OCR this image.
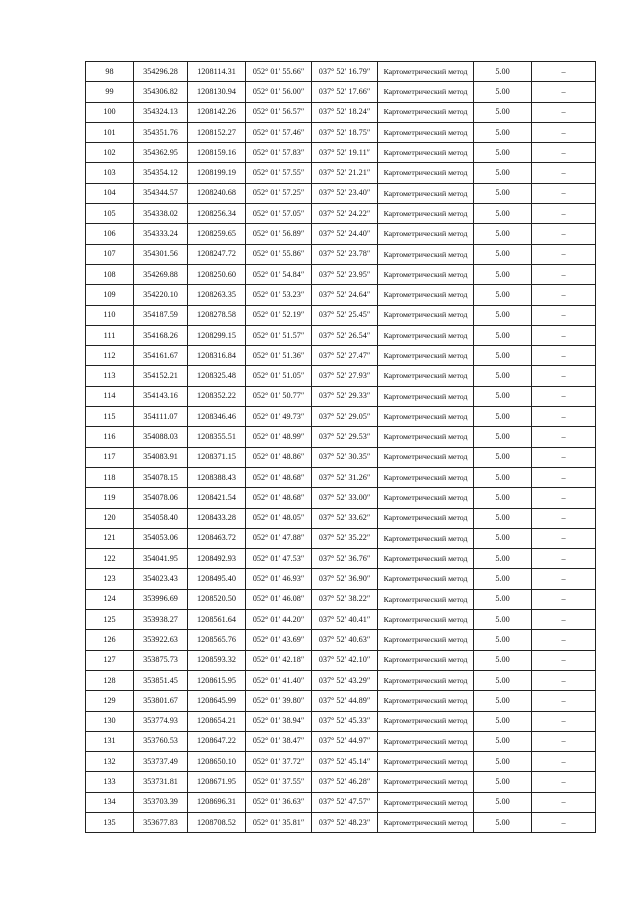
98	354296.28	1208114.31	052° 01′ 55.66″	037° 52′ 16.79″	Картометрический метод	5.00	–
99	354306.82	1208130.94	052° 01′ 56.00″	037° 52′ 17.66″	Картометрический метод	5.00	–
100	354324.13	1208142.26	052° 01′ 56.57″	037° 52′ 18.24″	Картометрический метод	5.00	–
101	354351.76	1208152.27	052° 01′ 57.46″	037° 52′ 18.75″	Картометрический метод	5.00	–
102	354362.95	1208159.16	052° 01′ 57.83″	037° 52′ 19.11″	Картометрический метод	5.00	–
103	354354.12	1208199.19	052° 01′ 57.55″	037° 52′ 21.21″	Картометрический метод	5.00	–
104	354344.57	1208240.68	052° 01′ 57.25″	037° 52′ 23.40″	Картометрический метод	5.00	–
105	354338.02	1208256.34	052° 01′ 57.05″	037° 52′ 24.22″	Картометрический метод	5.00	–
106	354333.24	1208259.65	052° 01′ 56.89″	037° 52′ 24.40″	Картометрический метод	5.00	–
107	354301.56	1208247.72	052° 01′ 55.86″	037° 52′ 23.78″	Картометрический метод	5.00	–
108	354269.88	1208250.60	052° 01′ 54.84″	037° 52′ 23.95″	Картометрический метод	5.00	–
109	354220.10	1208263.35	052° 01′ 53.23″	037° 52′ 24.64″	Картометрический метод	5.00	–
110	354187.59	1208278.58	052° 01′ 52.19″	037° 52′ 25.45″	Картометрический метод	5.00	–
111	354168.26	1208299.15	052° 01′ 51.57″	037° 52′ 26.54″	Картометрический метод	5.00	–
112	354161.67	1208316.84	052° 01′ 51.36″	037° 52′ 27.47″	Картометрический метод	5.00	–
113	354152.21	1208325.48	052° 01′ 51.05″	037° 52′ 27.93″	Картометрический метод	5.00	–
114	354143.16	1208352.22	052° 01′ 50.77″	037° 52′ 29.33″	Картометрический метод	5.00	–
115	354111.07	1208346.46	052° 01′ 49.73″	037° 52′ 29.05″	Картометрический метод	5.00	–
116	354088.03	1208355.51	052° 01′ 48.99″	037° 52′ 29.53″	Картометрический метод	5.00	–
117	354083.91	1208371.15	052° 01′ 48.86″	037° 52′ 30.35″	Картометрический метод	5.00	–
118	354078.15	1208388.43	052° 01′ 48.68″	037° 52′ 31.26″	Картометрический метод	5.00	–
119	354078.06	1208421.54	052° 01′ 48.68″	037° 52′ 33.00″	Картометрический метод	5.00	–
120	354058.40	1208433.28	052° 01′ 48.05″	037° 52′ 33.62″	Картометрический метод	5.00	–
121	354053.06	1208463.72	052° 01′ 47.88″	037° 52′ 35.22″	Картометрический метод	5.00	–
122	354041.95	1208492.93	052° 01′ 47.53″	037° 52′ 36.76″	Картометрический метод	5.00	–
123	354023.43	1208495.40	052° 01′ 46.93″	037° 52′ 36.90″	Картометрический метод	5.00	–
124	353996.69	1208520.50	052° 01′ 46.08″	037° 52′ 38.22″	Картометрический метод	5.00	–
125	353938.27	1208561.64	052° 01′ 44.20″	037° 52′ 40.41″	Картометрический метод	5.00	–
126	353922.63	1208565.76	052° 01′ 43.69″	037° 52′ 40.63″	Картометрический метод	5.00	–
127	353875.73	1208593.32	052° 01′ 42.18″	037° 52′ 42.10″	Картометрический метод	5.00	–
128	353851.45	1208615.95	052° 01′ 41.40″	037° 52′ 43.29″	Картометрический метод	5.00	–
129	353801.67	1208645.99	052° 01′ 39.80″	037° 52′ 44.89″	Картометрический метод	5.00	–
130	353774.93	1208654.21	052° 01′ 38.94″	037° 52′ 45.33″	Картометрический метод	5.00	–
131	353760.53	1208647.22	052° 01′ 38.47″	037° 52′ 44.97″	Картометрический метод	5.00	–
132	353737.49	1208650.10	052° 01′ 37.72″	037° 52′ 45.14″	Картометрический метод	5.00	–
133	353731.81	1208671.95	052° 01′ 37.55″	037° 52′ 46.28″	Картометрический метод	5.00	–
134	353703.39	1208696.31	052° 01′ 36.63″	037° 52′ 47.57″	Картометрический метод	5.00	–
135	353677.83	1208708.52	052° 01′ 35.81″	037° 52′ 48.23″	Картометрический метод	5.00	–
